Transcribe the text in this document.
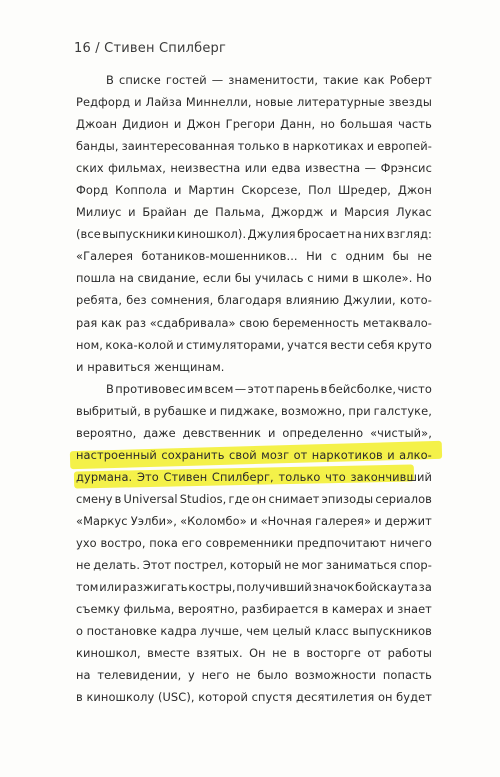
16 / Стивен Спилберг
В списке гостей — знаменитости, такие как Роберт
Редфорд и Лайза Миннелли, новые литературные звезды
Джоан Дидион и Джон Грегори Данн, но большая часть
банды, заинтересованная только в наркотиках и европей-
ских фильмах, неизвестна или едва известна — Фрэнсис
Форд Коппола и Мартин Скорсезе, Пол Шредер, Джон
Милиус и Брайан де Пальма, Джордж и Марсия Лукас
(все выпускники киношкол). Джулия бросает на них взгляд:
«Галерея ботаников-мошенников... Ни с одним бы не
пошла на свидание, если бы училась с ними в школе». Но
ребята, без сомнения, благодаря влиянию Джулии, кото-
рая как раз «сдабривала» свою беременность метаквало-
ном, кока-колой и стимуляторами, учатся вести себя круто
и нравиться женщинам.
В противовес им всем — этот парень в бейсболке, чисто
выбритый, в рубашке и пиджаке, возможно, при галстуке,
вероятно, даже девственник и определенно «чистый»,
настроенный сохранить свой мозг от наркотиков и алко-
дурмана. Это Стивен Спилберг, только что закончивший
смену в Universal Studios, где он снимает эпизоды сериалов
«Маркус Уэлби», «Коломбо» и «Ночная галерея» и держит
ухо востро, пока его современники предпочитают ничего
не делать. Этот пострел, который не мог заниматься спор-
том или разжигать костры, получивший значок бойскаута за
съемку фильма, вероятно, разбирается в камерах и знает
о постановке кадра лучше, чем целый класс выпускников
киношкол, вместе взятых. Он не в восторге от работы
на телевидении, у него не было возможности попасть
в киношколу (USC), которой спустя десятилетия он будет
